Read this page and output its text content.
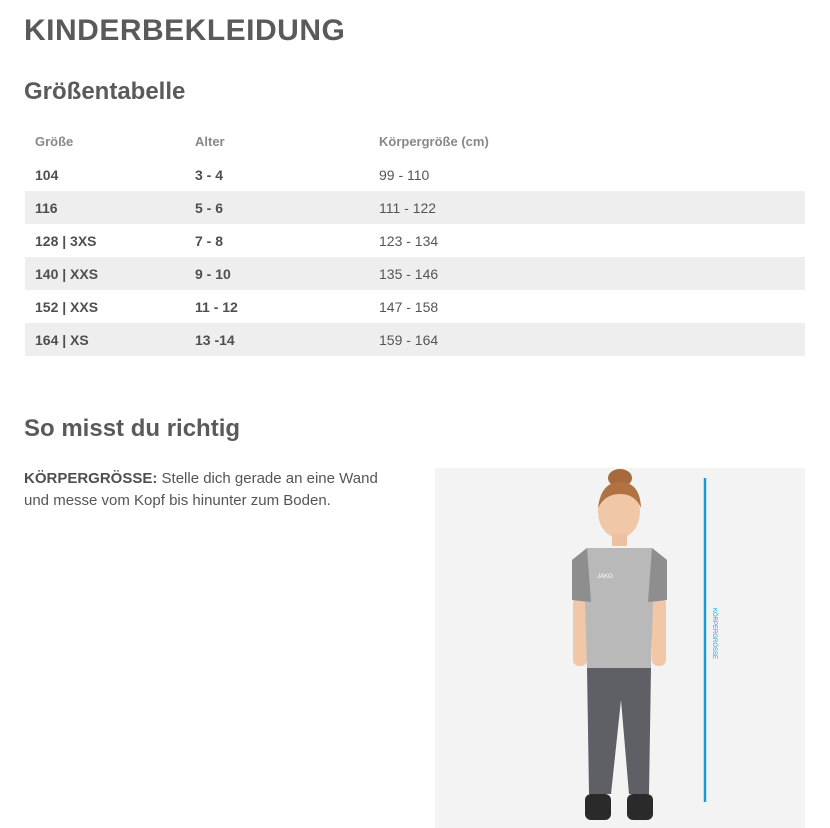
KINDERBEKLEIDUNG
Größentabelle
Größe	Alter	Körpergröße (cm)
104	3 - 4	99 - 110
116	5 - 6	111 - 122
128 | 3XS	7 - 8	123 - 134
140 | XXS	9 - 10	135 - 146
152 | XXS	11 - 12	147 - 158
164 | XS	13 -14	159 - 164
So misst du richtig

KÖRPERGRÖSSE: Stelle dich gerade an eine Wand und messe vom Kopf bis hinunter zum Boden.

JAKO
KÖRPERGRÖSSE
